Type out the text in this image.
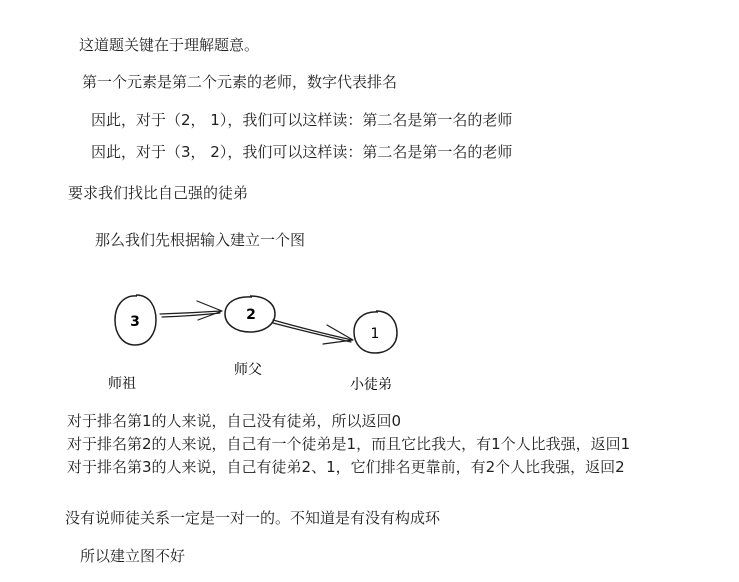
这道题关键在于理解题意。
第一个元素是第二个元素的老师，数字代表排名
因此，对于（2， 1），我们可以这样读：第二名是第一名的老师
因此，对于（3， 2），我们可以这样读：第二名是第一名的老师
要求我们找比自己强的徒弟
那么我们先根据输入建立一个图
3	2
1
师祖
师父
小徒弟
对于排名第1的人来说，自己没有徒弟，所以返回0
对于排名第2的人来说，自己有一个徒弟是1，而且它比我大，有1个人比我强，返回1
对于排名第3的人来说，自己有徒弟2、1，它们排名更靠前，有2个人比我强，返回2
没有说师徒关系一定是一对一的。不知道是有没有构成环
所以建立图不好
